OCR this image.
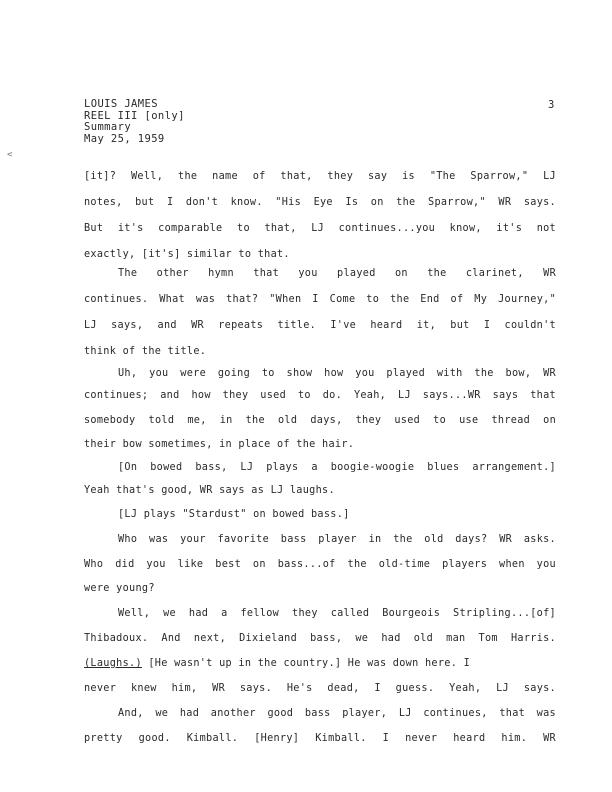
LOUIS JAMES
REEL III [only]
Summary
May 25, 1959
3
<
[it]? Well, the name of that, they say is "The Sparrow," LJ
notes, but I don't know. "His Eye Is on the Sparrow," WR says.
But it's comparable to that, LJ continues...you know, it's not
exactly, [it's] similar to that.
The other hymn that you played on the clarinet, WR
continues. What was that? "When I Come to the End of My Journey,"
LJ says, and WR repeats title. I've heard it, but I couldn't
think of the title.
Uh, you were going to show how you played with the bow, WR
continues; and how they used to do. Yeah, LJ says...WR says that
somebody told me, in the old days, they used to use thread on
their bow sometimes, in place of the hair.
[On bowed bass, LJ plays a boogie-woogie blues arrangement.]
Yeah that's good, WR says as LJ laughs.
[LJ plays "Stardust" on bowed bass.]
Who was your favorite bass player in the old days? WR asks.
Who did you like best on bass...of the old-time players when you
were young?
Well, we had a fellow they called Bourgeois Stripling...[of]
Thibadoux. And next, Dixieland bass, we had old man Tom Harris.
(Laughs.) [He wasn't up in the country.] He was down here. I
never knew him, WR says. He's dead, I guess. Yeah, LJ says.
And, we had another good bass player, LJ continues, that was
pretty good. Kimball. [Henry] Kimball. I never heard him. WR
